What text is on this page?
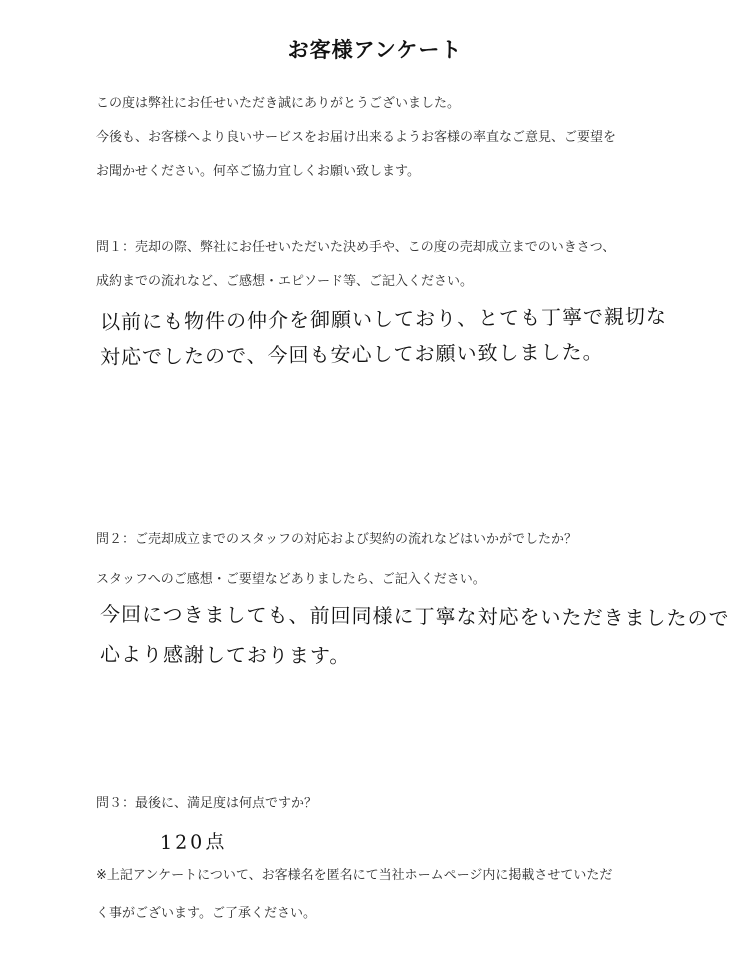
お客様アンケート
この度は弊社にお任せいただき誠にありがとうございました。
今後も、お客様へより良いサービスをお届け出来るようお客様の率直なご意見、ご要望を
お聞かせください。何卒ご協力宜しくお願い致します。
問１：売却の際、弊社にお任せいただいた決め手や、この度の売却成立までのいきさつ、
成約までの流れなど、ご感想・エピソード等、ご記入ください。
以前にも物件の仲介を御願いしており、とても丁寧で親切な
対応でしたので、今回も安心してお願い致しました。
問２：ご売却成立までのスタッフの対応および契約の流れなどはいかがでしたか？
スタッフへのご感想・ご要望などありましたら、ご記入ください。
今回につきましても、前回同様に丁寧な対応をいただきましたので
心より感謝しております。
問３：最後に、満足度は何点ですか？
120点
※上記アンケートについて、お客様名を匿名にて当社ホームページ内に掲載させていただ
く事がございます。ご了承ください。
